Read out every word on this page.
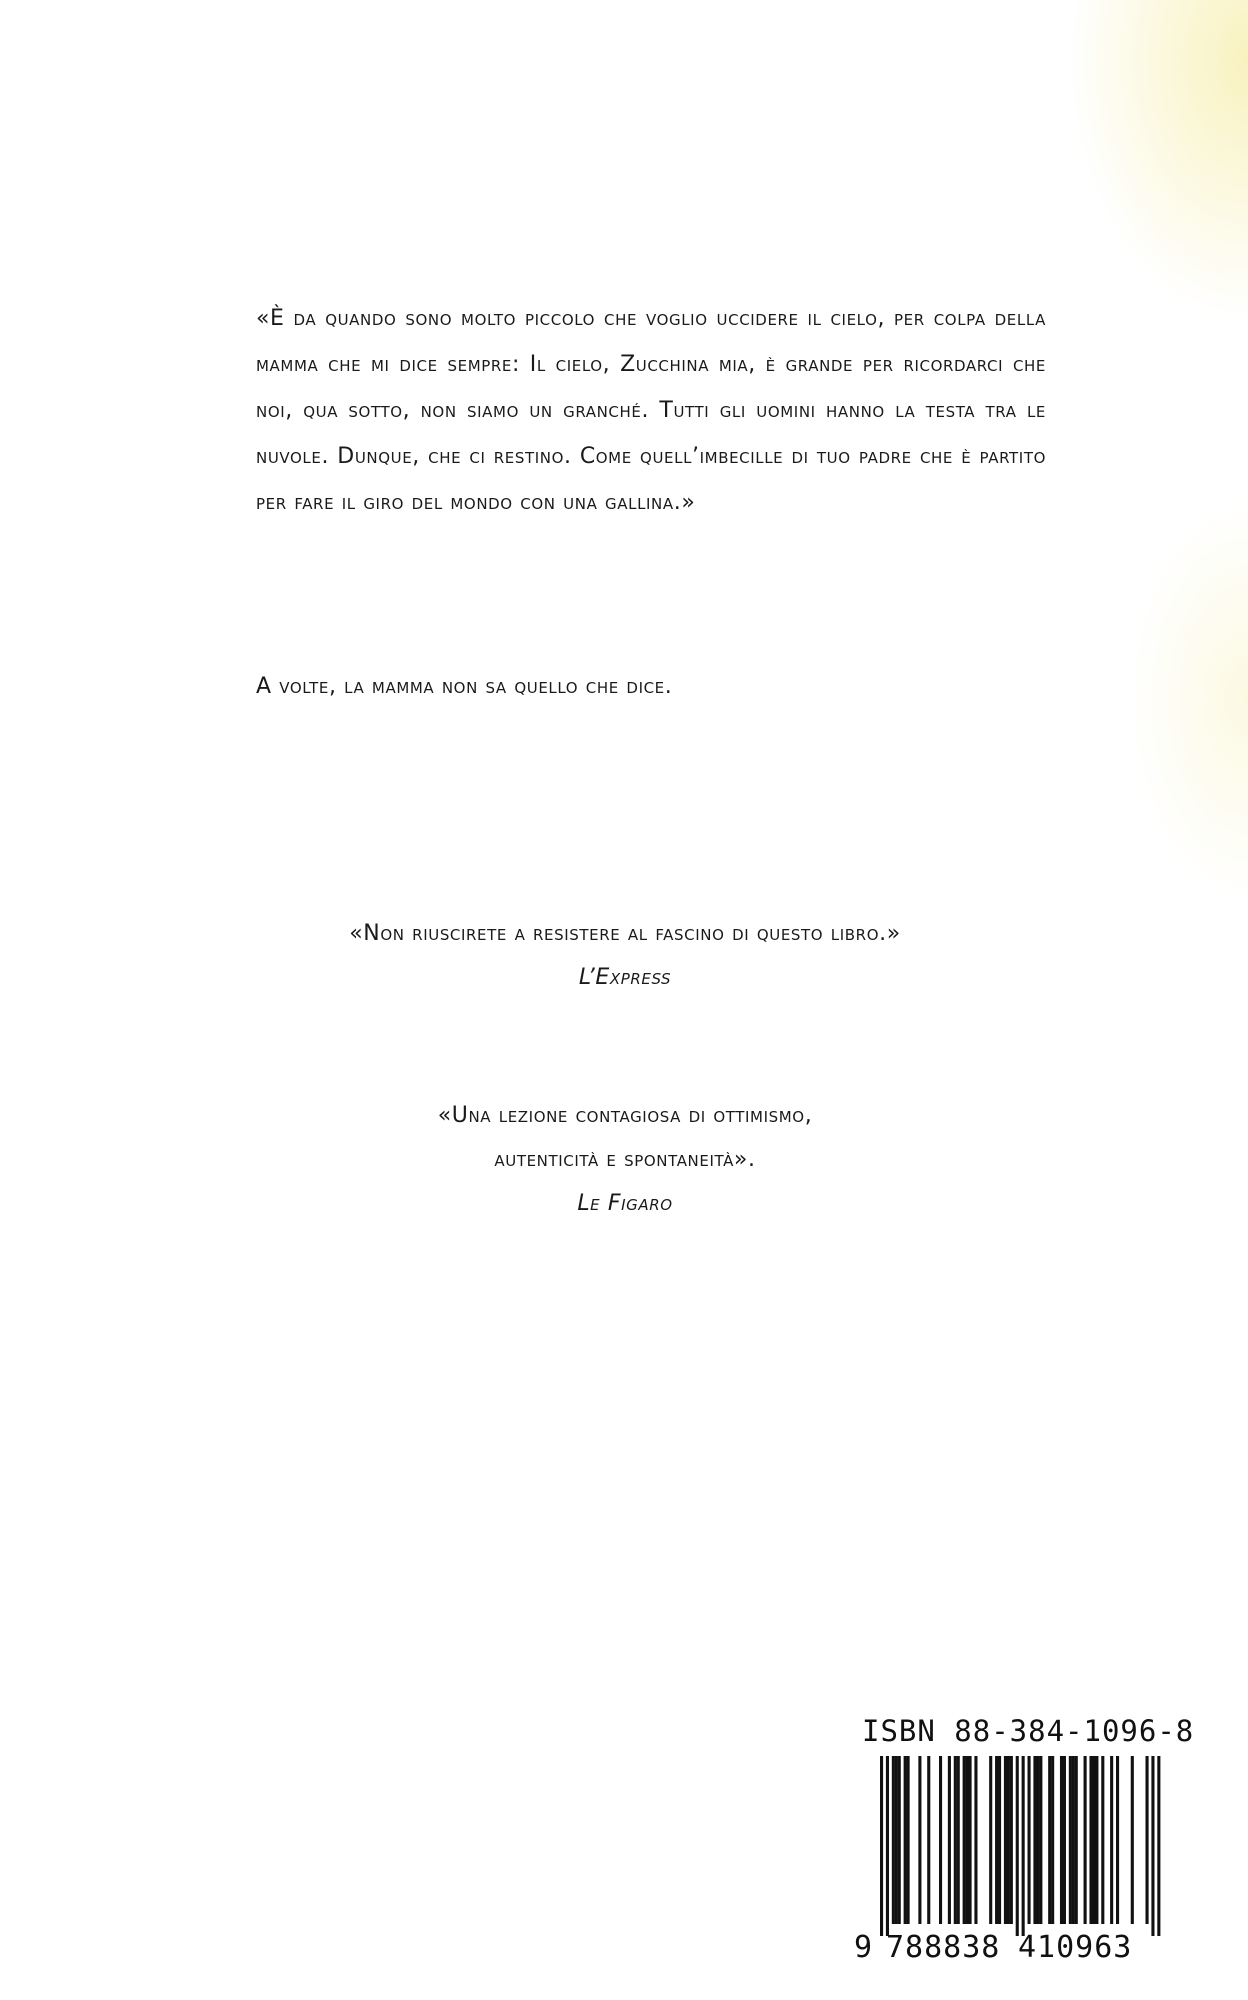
«È da quando sono molto piccolo che voglio uccidere il cielo, per colpa della mamma che mi dice sempre: Il cielo, Zucchina mia, è grande per ricordarci che noi, qua sotto, non siamo un granché. Tutti gli uomini hanno la testa tra le nuvole. Dunque, che ci restino. Come quell’imbecille di tuo padre che è partito per fare il giro del mondo con una gallina.»
A volte, la mamma non sa quello che dice.
«Non riuscirete a resistere al fascino di questo libro.»
L’Express
«Una lezione contagiosa di ottimismo,
autenticità e spontaneità».
Le Figaro
ISBN 88-384-1096-8
9 788838 410963
